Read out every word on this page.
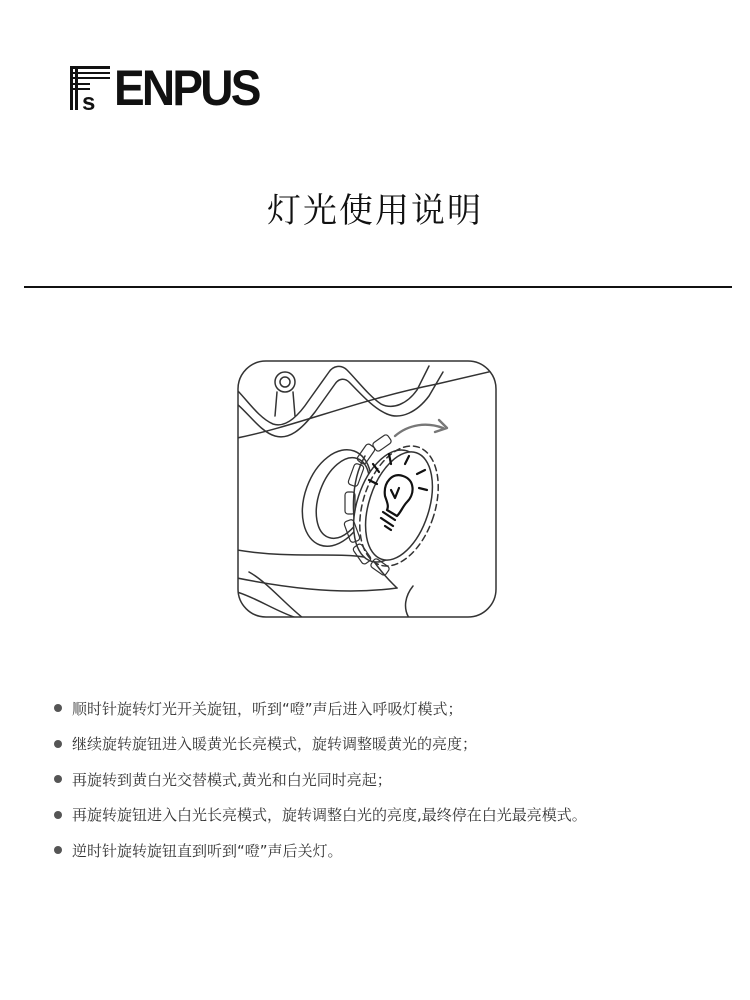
s ENPUS
灯光使用说明
顺时针旋转灯光开关旋钮，听到“噔”声后进入呼吸灯模式；
继续旋转旋钮进入暖黄光长亮模式，旋转调整暖黄光的亮度；
再旋转到黄白光交替模式,黄光和白光同时亮起；
再旋转旋钮进入白光长亮模式，旋转调整白光的亮度,最终停在白光最亮模式。
逆时针旋转旋钮直到听到“噔”声后关灯。
